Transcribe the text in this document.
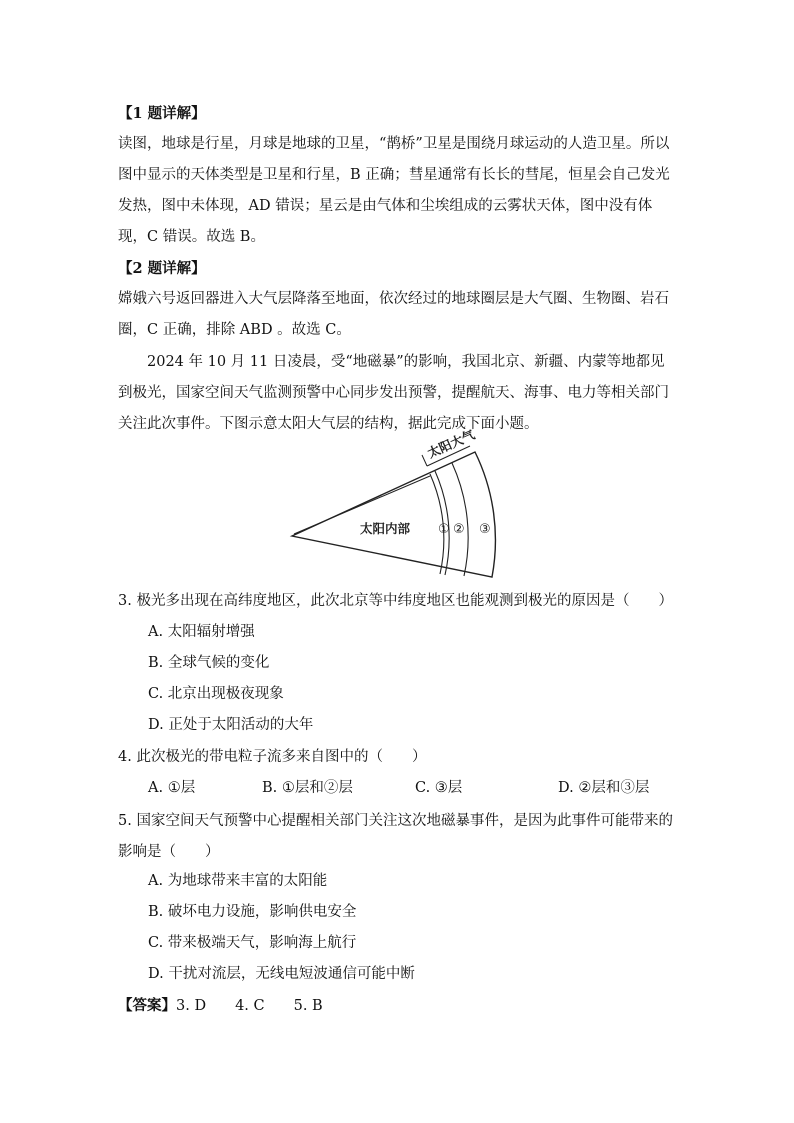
【1 题详解】
读图，地球是行星，月球是地球的卫星，“鹊桥”卫星是围绕月球运动的人造卫星。所以图中显示的天体类型是卫星和行星，B 正确；彗星通常有长长的彗尾，恒星会自己发光发热，图中未体现，AD 错误；星云是由气体和尘埃组成的云雾状天体，图中没有体现，C 错误。故选 B。
【2 题详解】
嫦娥六号返回器进入大气层降落至地面，依次经过的地球圈层是大气圈、生物圈、岩石圈，C 正确，排除 ABD 。故选 C。
2024 年 10 月 11 日凌晨，受“地磁暴”的影响，我国北京、新疆、内蒙等地都见到极光，国家空间天气监测预警中心同步发出预警，提醒航天、海事、电力等相关部门关注此次事件。下图示意太阳大气层的结构，据此完成下面小题。
太阳大气
太阳内部 ① ② ③
3. 极光多出现在高纬度地区，此次北京等中纬度地区也能观测到极光的原因是（　　）
A. 太阳辐射增强
B. 全球气候的变化
C. 北京出现极夜现象
D. 正处于太阳活动的大年
4. 此次极光的带电粒子流多来自图中的（　　）
A. ①层	B. ①层和②层	C. ③层	D. ②层和③层
5. 国家空间天气预警中心提醒相关部门关注这次地磁暴事件，是因为此事件可能带来的影响是（　　）
A. 为地球带来丰富的太阳能
B. 破坏电力设施，影响供电安全
C. 带来极端天气，影响海上航行
D. 干扰对流层，无线电短波通信可能中断
【答案】3. D　　4. C　　5. B
